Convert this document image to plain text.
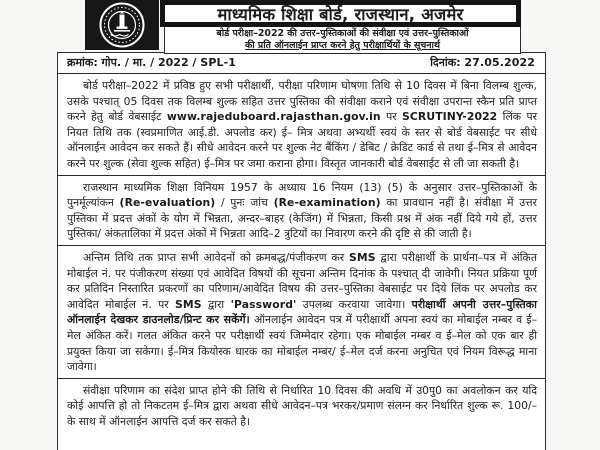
माध्यमिक शिक्षा बोर्ड, राजस्थान, अजमेर
बोर्ड परीक्षा–2022 की उत्तर–पुस्तिकाओं की संवीक्षा एवं उत्तर–पुस्तिकाओं
की प्रति ऑनलाईन प्राप्त करने हेतु परीक्षार्थियों के सूचनार्थ
क्रमांक: गोप. / मा. / 2022 / SPL-1	दिनांक: 27.05.2022

बोर्ड परीक्षा–2022 में प्रविष्ठ हुए सभी परीक्षार्थी, परीक्षा परिणाम घोषणा तिथि से 10 दिवस में बिना विलम्ब शुल्क, उसके पश्चात् 05 दिवस तक विलम्ब शुल्क सहित उत्तर पुस्तिका की संवीक्षा कराने एवं संवीक्षा उपरान्त स्कैन प्रति प्राप्त करने हेतु बोर्ड वेबसाईट www.rajeduboard.rajasthan.gov.in पर SCRUTINY-2022 लिंक पर नियत तिथि तक (स्वप्रमाणित आई.डी. अपलोड कर) ई– मित्र अथवा अभ्यर्थी स्वयं के स्तर से बोर्ड वेबसाईट पर सीधे ऑनलाईन आवेदन कर सकते हैं। सीधे आवेदन करने पर शुल्क नेट बैंकिंग / डेबिट / क्रेडिट कार्ड से तथा ई–मित्र से आवेदन करने पर शुल्क (सेवा शुल्क सहित) ई–मित्र पर जमा कराना होगा। विस्तृत जानकारी बोर्ड वेबसाईट से ली जा सकती है।

राजस्थान माध्यमिक शिक्षा विनियम 1957 के अध्याय 16 नियम (13) (5) के अनुसार उत्तर–पुस्तिकाओं के पुनर्मूल्यांकन (Re-evaluation) / पुनः जांच (Re-examination) का प्रावधान नहीं है। संवीक्षा में उत्तर पुस्तिका में प्रदत्त अंकों के योग में भिन्नता, अन्दर–बाहर (केजिंग) में भिन्नता, किसी प्रश्न में अंक नहीं दिये गये हों, उत्तर पुस्तिका/ अंकतालिका में प्रदत्त अंकों में भिन्नता आदि–2 त्रुटियों का निवारण करने की दृष्टि से की जाती है।

अन्तिम तिथि तक प्राप्त सभी आवेदनों को क्रमबद्ध/पंजीकरण कर SMS द्वारा परीक्षार्थी के प्रार्थना–पत्र में अंकित मोबाईल नं. पर पंजीकरण संख्या एवं आवेदित विषयों की सूचना अन्तिम दिनांक के पश्चात् दी जावेगी। नियत प्रक्रिया पूर्ण कर प्रतिदिन निस्तारित प्रकरणों का परिणाम/आवेदित विषय की उत्तर–पुस्तिका वेबसाईट पर दिये लिंक पर अपलोड कर आवेदित मोबाईल नं. पर SMS द्वारा 'Password' उपलब्ध करवाया जावेगा। परीक्षार्थी अपनी उत्तर–पुस्तिका ऑनलाईन देखकर डाउनलोड/प्रिन्ट कर सकेंगें। ऑनलाईन आवेदन पत्र में परीक्षार्थी अपना स्वयं का मोबाईल नम्बर व ई–मेल अंकित करें। गलत अंकित करने पर परीक्षार्थी स्वयं जिम्मेदार रहेगा। एक मोबाईल नम्बर व ई–मेल को एक बार ही प्रयुक्त किया जा सकेगा। ई–मित्र कियोस्क धारक का मोबाईल नम्बर/ ई–मेल दर्ज करना अनुचित एवं नियम विरूद्ध माना जावेगा।

संवीक्षा परिणाम का संदेश प्राप्त होने की तिथि से निर्धारित 10 दिवस की अवधि में उ0पु0 का अवलोकन कर यदि कोई आपत्ति हो तो निकटतम ई–मित्र द्वारा अथवा सीधे आवेदन–पत्र भरकर/प्रमाण संलग्न कर निर्धारित शुल्क रू. 100/– के साथ में ऑनलाईन आपत्ति दर्ज कर सकते है।
